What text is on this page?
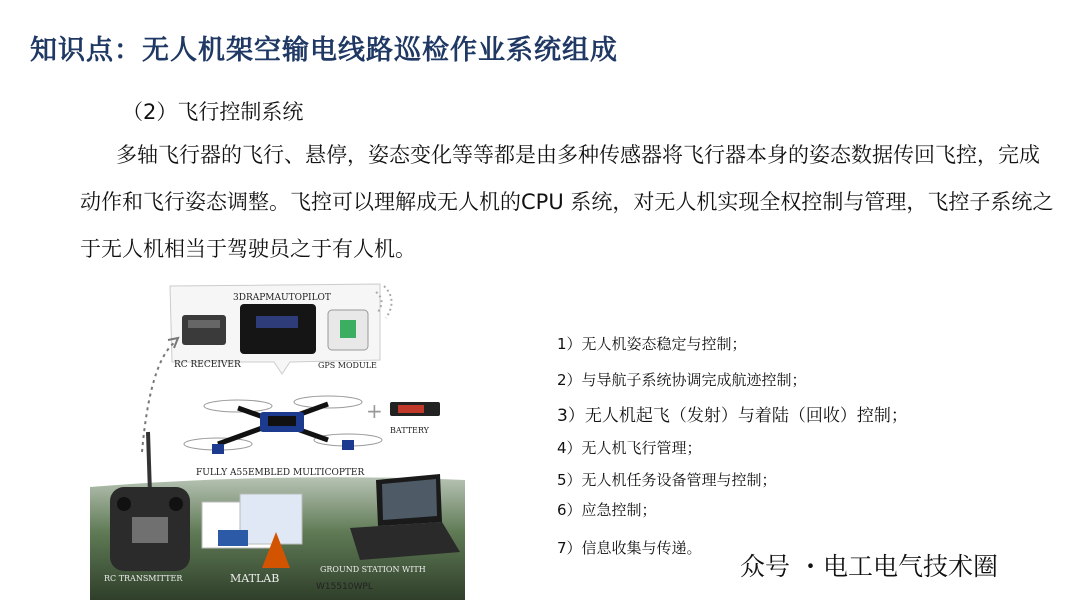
知识点：无人机架空输电线路巡检作业系统组成
（2）飞行控制系统

多轴飞行器的飞行、悬停，姿态变化等等都是由多种传感器将飞行器本身的姿态数据传回飞控，完成动作和飞行姿态调整。飞控可以理解成无人机的CPU 系统，对无人机实现全权控制与管理，飞控子系统之于无人机相当于驾驶员之于有人机。

+
3DRAPMAUTOPILOT
RC RECEIVER	GPS MODULE
BATTERY
FULLY A55EMBLED MULTICOPTER
RC TRANSMITTER	MATLAB
GROUND STATION WITH
W15510WPL
1）无人机姿态稳定与控制；
2）与导航子系统协调完成航迹控制；
3）无人机起飞（发射）与着陆（回收）控制；
4）无人机飞行管理；
5）无人机任务设备管理与控制；
6）应急控制；
7）信息收集与传递。
众号 ・电工电气技术圈
